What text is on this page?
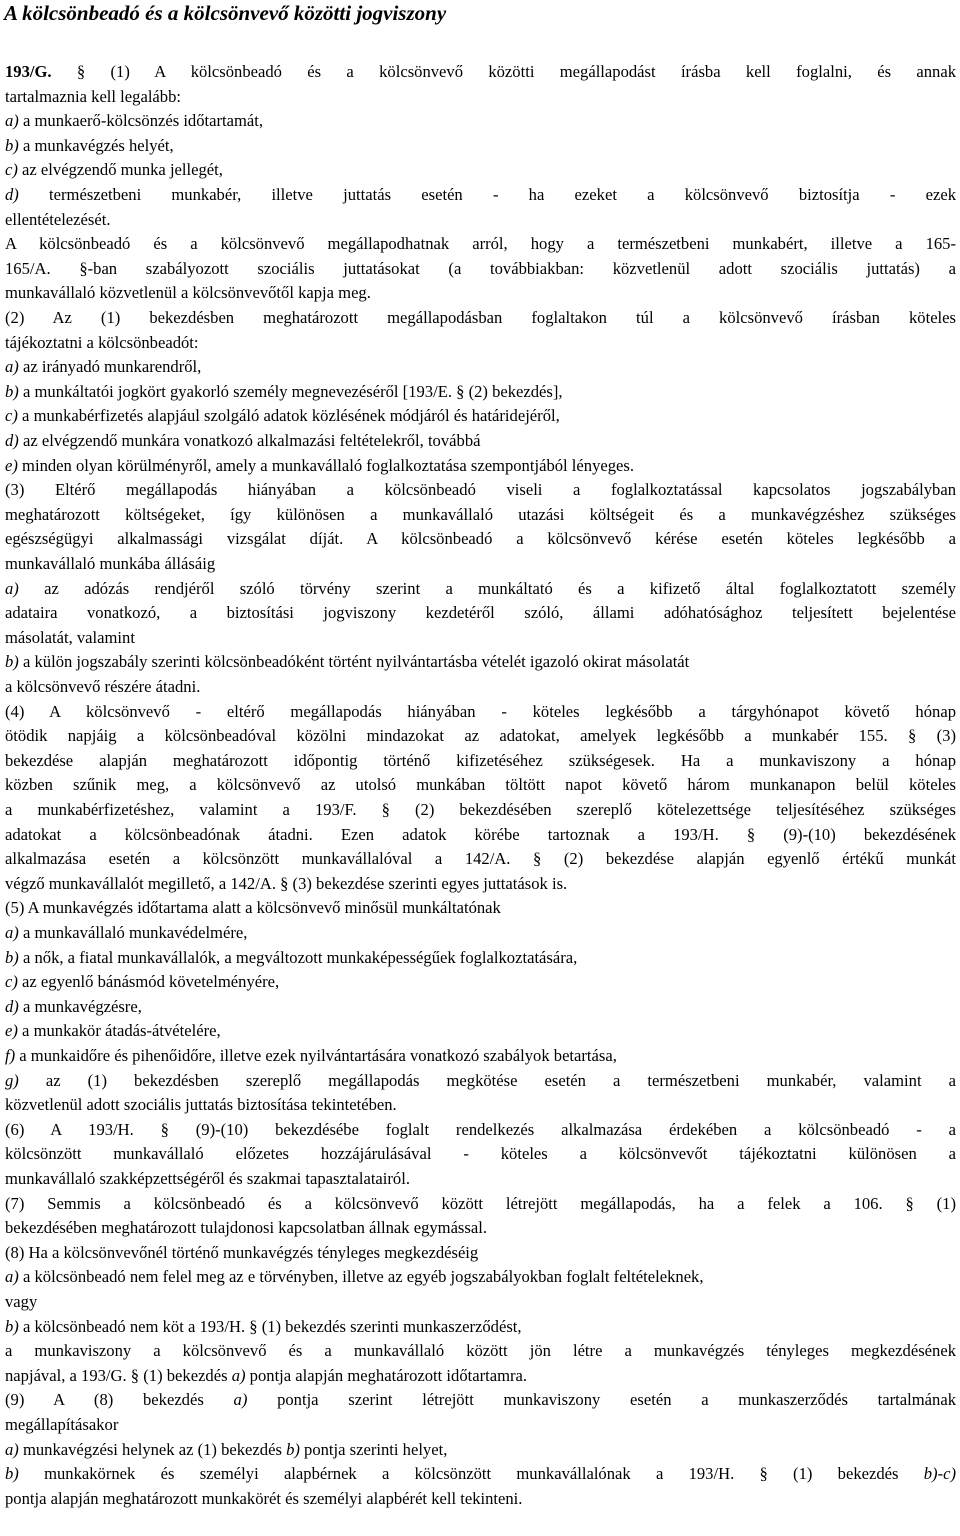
A kölcsönbeadó és a kölcsönvevő közötti jogviszony
193/G. § (1) A kölcsönbeadó és a kölcsönvevő közötti megállapodást írásba kell foglalni, és annak
tartalmaznia kell legalább:
a) a munkaerő-kölcsönzés időtartamát,
b) a munkavégzés helyét,
c) az elvégzendő munka jellegét,
d) természetbeni munkabér, illetve juttatás esetén - ha ezeket a kölcsönvevő biztosítja - ezek
ellentételezését.
A kölcsönbeadó és a kölcsönvevő megállapodhatnak arról, hogy a természetbeni munkabért, illetve a 165-
165/A. §-ban szabályozott szociális juttatásokat (a továbbiakban: közvetlenül adott szociális juttatás) a
munkavállaló közvetlenül a kölcsönvevőtől kapja meg.
(2) Az (1) bekezdésben meghatározott megállapodásban foglaltakon túl a kölcsönvevő írásban köteles
tájékoztatni a kölcsönbeadót:
a) az irányadó munkarendről,
b) a munkáltatói jogkört gyakorló személy megnevezéséről [193/E. § (2) bekezdés],
c) a munkabérfizetés alapjául szolgáló adatok közlésének módjáról és határidejéről,
d) az elvégzendő munkára vonatkozó alkalmazási feltételekről, továbbá
e) minden olyan körülményről, amely a munkavállaló foglalkoztatása szempontjából lényeges.
(3) Eltérő megállapodás hiányában a kölcsönbeadó viseli a foglalkoztatással kapcsolatos jogszabályban
meghatározott költségeket, így különösen a munkavállaló utazási költségeit és a munkavégzéshez szükséges
egészségügyi alkalmassági vizsgálat díját. A kölcsönbeadó a kölcsönvevő kérése esetén köteles legkésőbb a
munkavállaló munkába állásáig
a) az adózás rendjéről szóló törvény szerint a munkáltató és a kifizető által foglalkoztatott személy
adataira vonatkozó, a biztosítási jogviszony kezdetéről szóló, állami adóhatósághoz teljesített bejelentése
másolatát, valamint
b) a külön jogszabály szerinti kölcsönbeadóként történt nyilvántartásba vételét igazoló okirat másolatát
a kölcsönvevő részére átadni.
(4) A kölcsönvevő - eltérő megállapodás hiányában - köteles legkésőbb a tárgyhónapot követő hónap
ötödik napjáig a kölcsönbeadóval közölni mindazokat az adatokat, amelyek legkésőbb a munkabér 155. § (3)
bekezdése alapján meghatározott időpontig történő kifizetéséhez szükségesek. Ha a munkaviszony a hónap
közben szűnik meg, a kölcsönvevő az utolsó munkában töltött napot követő három munkanapon belül köteles
a munkabérfizetéshez, valamint a 193/F. § (2) bekezdésében szereplő kötelezettsége teljesítéséhez szükséges
adatokat a kölcsönbeadónak átadni. Ezen adatok körébe tartoznak a 193/H. § (9)-(10) bekezdésének
alkalmazása esetén a kölcsönzött munkavállalóval a 142/A. § (2) bekezdése alapján egyenlő értékű munkát
végző munkavállalót megillető, a 142/A. § (3) bekezdése szerinti egyes juttatások is.
(5) A munkavégzés időtartama alatt a kölcsönvevő minősül munkáltatónak
a) a munkavállaló munkavédelmére,
b) a nők, a fiatal munkavállalók, a megváltozott munkaképességűek foglalkoztatására,
c) az egyenlő bánásmód követelményére,
d) a munkavégzésre,
e) a munkakör átadás-átvételére,
f) a munkaidőre és pihenőidőre, illetve ezek nyilvántartására vonatkozó szabályok betartása,
g) az (1) bekezdésben szereplő megállapodás megkötése esetén a természetbeni munkabér, valamint a
közvetlenül adott szociális juttatás biztosítása tekintetében.
(6) A 193/H. § (9)-(10) bekezdésébe foglalt rendelkezés alkalmazása érdekében a kölcsönbeadó - a
kölcsönzött munkavállaló előzetes hozzájárulásával - köteles a kölcsönvevőt tájékoztatni különösen a
munkavállaló szakképzettségéről és szakmai tapasztalatairól.
(7) Semmis a kölcsönbeadó és a kölcsönvevő között létrejött megállapodás, ha a felek a 106. § (1)
bekezdésében meghatározott tulajdonosi kapcsolatban állnak egymással.
(8) Ha a kölcsönvevőnél történő munkavégzés tényleges megkezdéséig
a) a kölcsönbeadó nem felel meg az e törvényben, illetve az egyéb jogszabályokban foglalt feltételeknek,
vagy
b) a kölcsönbeadó nem köt a 193/H. § (1) bekezdés szerinti munkaszerződést,
a munkaviszony a kölcsönvevő és a munkavállaló között jön létre a munkavégzés tényleges megkezdésének
napjával, a 193/G. § (1) bekezdés a) pontja alapján meghatározott időtartamra.
(9) A (8) bekezdés a) pontja szerint létrejött munkaviszony esetén a munkaszerződés tartalmának
megállapításakor
a) munkavégzési helynek az (1) bekezdés b) pontja szerinti helyet,
b) munkakörnek és személyi alapbérnek a kölcsönzött munkavállalónak a 193/H. § (1) bekezdés b)-c)
pontja alapján meghatározott munkakörét és személyi alapbérét kell tekinteni.
